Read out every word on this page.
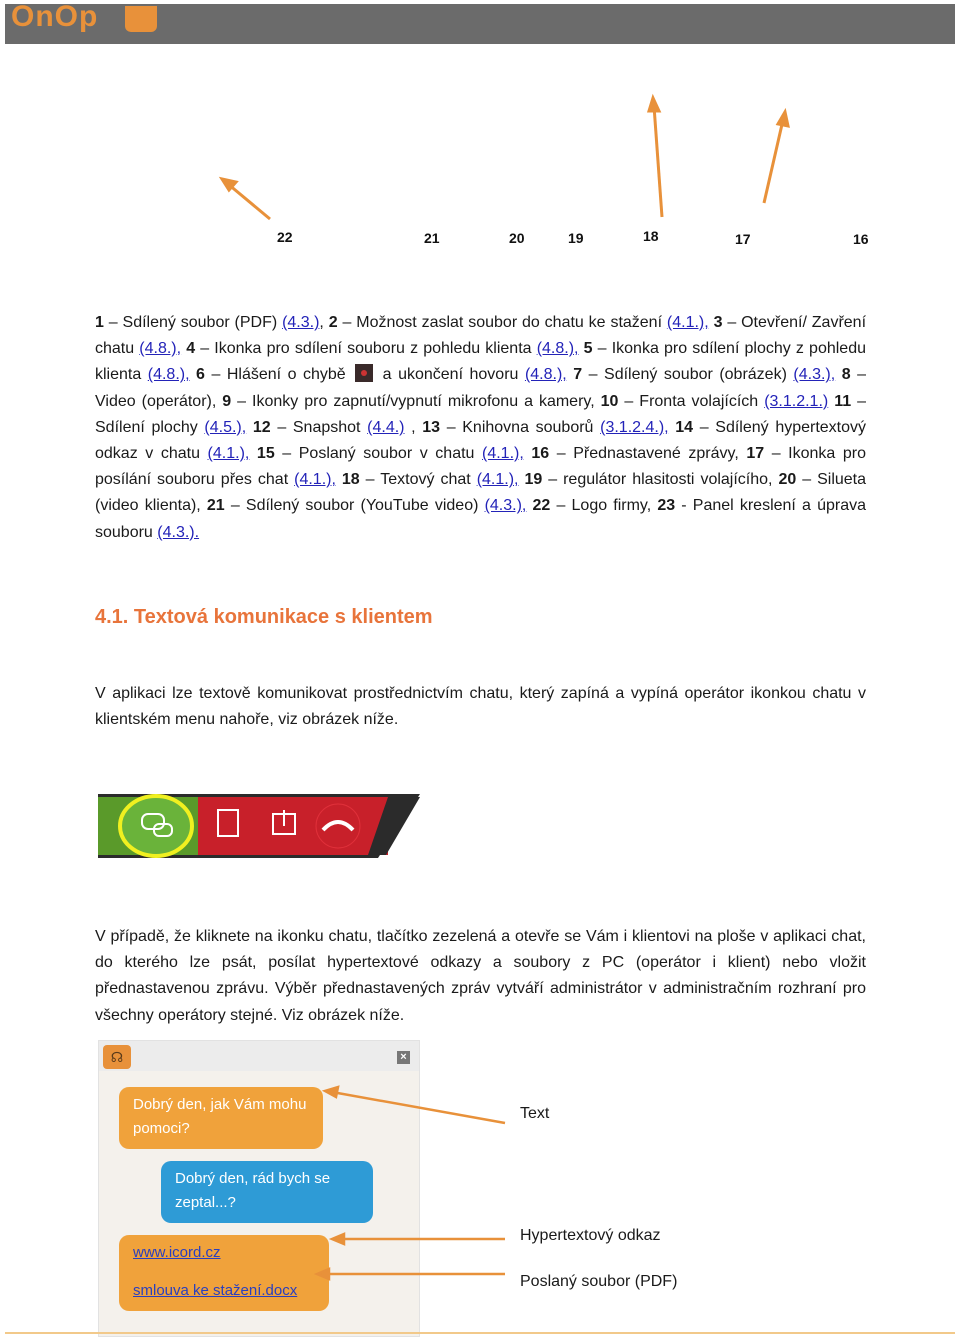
OnOp
22	21	20	19	18	17	16

1 – Sdílený soubor (PDF) (4.3.), 2 – Možnost zaslat soubor do chatu ke stažení (4.1.), 3 – Otevření/ Zavření chatu (4.8.), 4 – Ikonka pro sdílení souboru z pohledu klienta (4.8.), 5 – Ikonka pro sdílení plochy z pohledu klienta (4.8.), 6 – Hlášení o chybě  a ukončení hovoru (4.8.), 7 – Sdílený soubor (obrázek) (4.3.), 8 – Video (operátor), 9 – Ikonky pro zapnutí/vypnutí mikrofonu a kamery, 10 – Fronta volajících (3.1.2.1.) 11 – Sdílení plochy (4.5.), 12 – Snapshot (4.4.) , 13 – Knihovna souborů (3.1.2.4.), 14 – Sdílený hypertextový odkaz v chatu (4.1.), 15 – Poslaný soubor v chatu (4.1.), 16 – Přednastavené zprávy, 17 – Ikonka pro posílání souboru přes chat (4.1.), 18 – Textový chat (4.1.), 19 – regulátor hlasitosti volajícího, 20 – Silueta (video klienta), 21 – Sdílený soubor (YouTube video) (4.3.), 22 – Logo firmy, 23 - Panel kreslení a úprava souboru (4.3.).

4.1. Textová komunikace s klientem

V aplikaci lze textově komunikovat prostřednictvím chatu, který zapíná a vypíná operátor ikonkou chatu v klientském menu nahoře, viz obrázek níže.

V případě, že kliknete na ikonku chatu, tlačítko zezelená a otevře se Vám i klientovi na ploše v aplikaci chat, do kterého lze psát, posílat hypertextové odkazy a soubory z PC (operátor i klient) nebo vložit přednastavenou zprávu. Výběr přednastavených zpráv vytváří administrátor v administračním rozhraní pro všechny operátory stejné. Viz obrázek níže.

☊	×
Dobrý den, jak Vám mohu pomoci?
Dobrý den, rád bych se zeptal...?
www.icord.cz
smlouva ke stažení.docx
Text
Hypertextový odkaz
Poslaný soubor (PDF)
